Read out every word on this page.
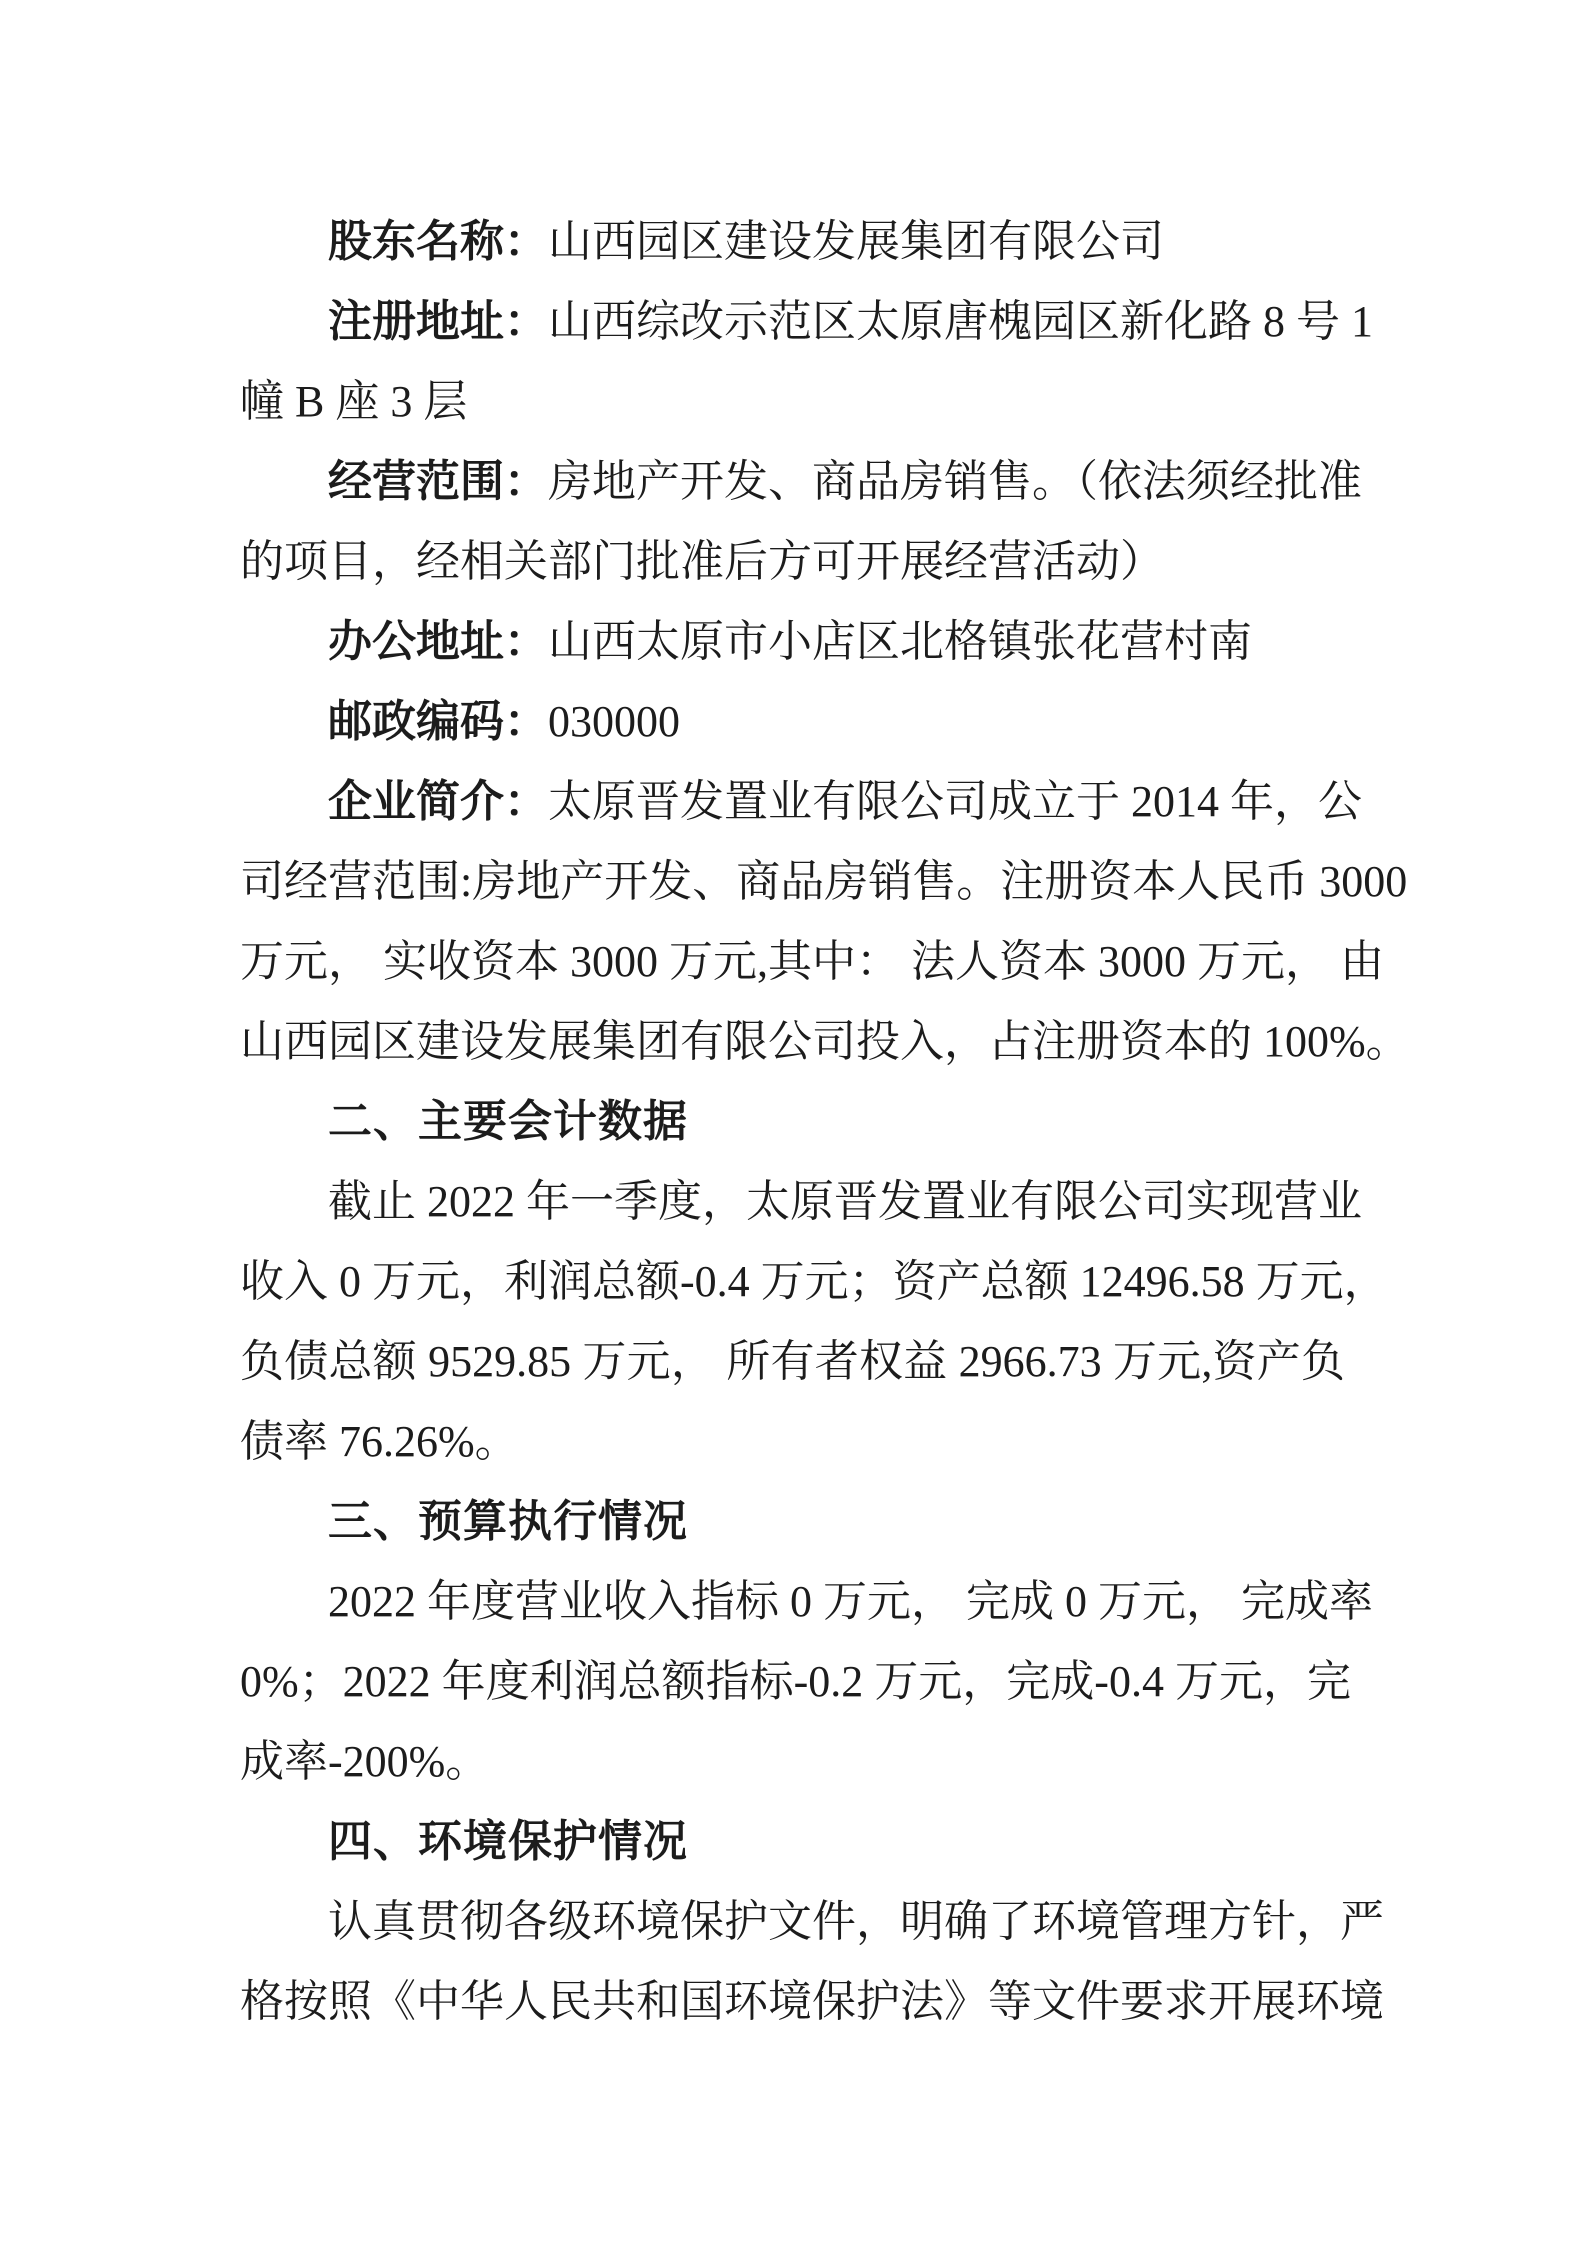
股东名称：山西园区建设发展集团有限公司
注册地址：山西综改示范区太原唐槐园区新化路 8 号 1
幢 B 座 3 层
经营范围：房地产开发、商品房销售。（依法须经批准
的项目，经相关部门批准后方可开展经营活动）
办公地址：山西太原市小店区北格镇张花营村南
邮政编码：030000
企业简介：太原晋发置业有限公司成立于 2014 年，公
司经营范围:房地产开发、商品房销售。注册资本人民币 3000
万元， 实收资本 3000 万元,其中： 法人资本 3000 万元， 由
山西园区建设发展集团有限公司投入，占注册资本的 100%。
二、主要会计数据
截止 2022 年一季度，太原晋发置业有限公司实现营业
收入 0 万元，利润总额-0.4 万元；资产总额 12496.58 万元，
负债总额 9529.85 万元， 所有者权益 2966.73 万元,资产负
债率 76.26%。
三、预算执行情况
2022 年度营业收入指标 0 万元， 完成 0 万元， 完成率
0%；2022 年度利润总额指标-0.2 万元，完成-0.4 万元，完
成率-200%。
四、环境保护情况
认真贯彻各级环境保护文件，明确了环境管理方针，严
格按照《中华人民共和国环境保护法》等文件要求开展环境
